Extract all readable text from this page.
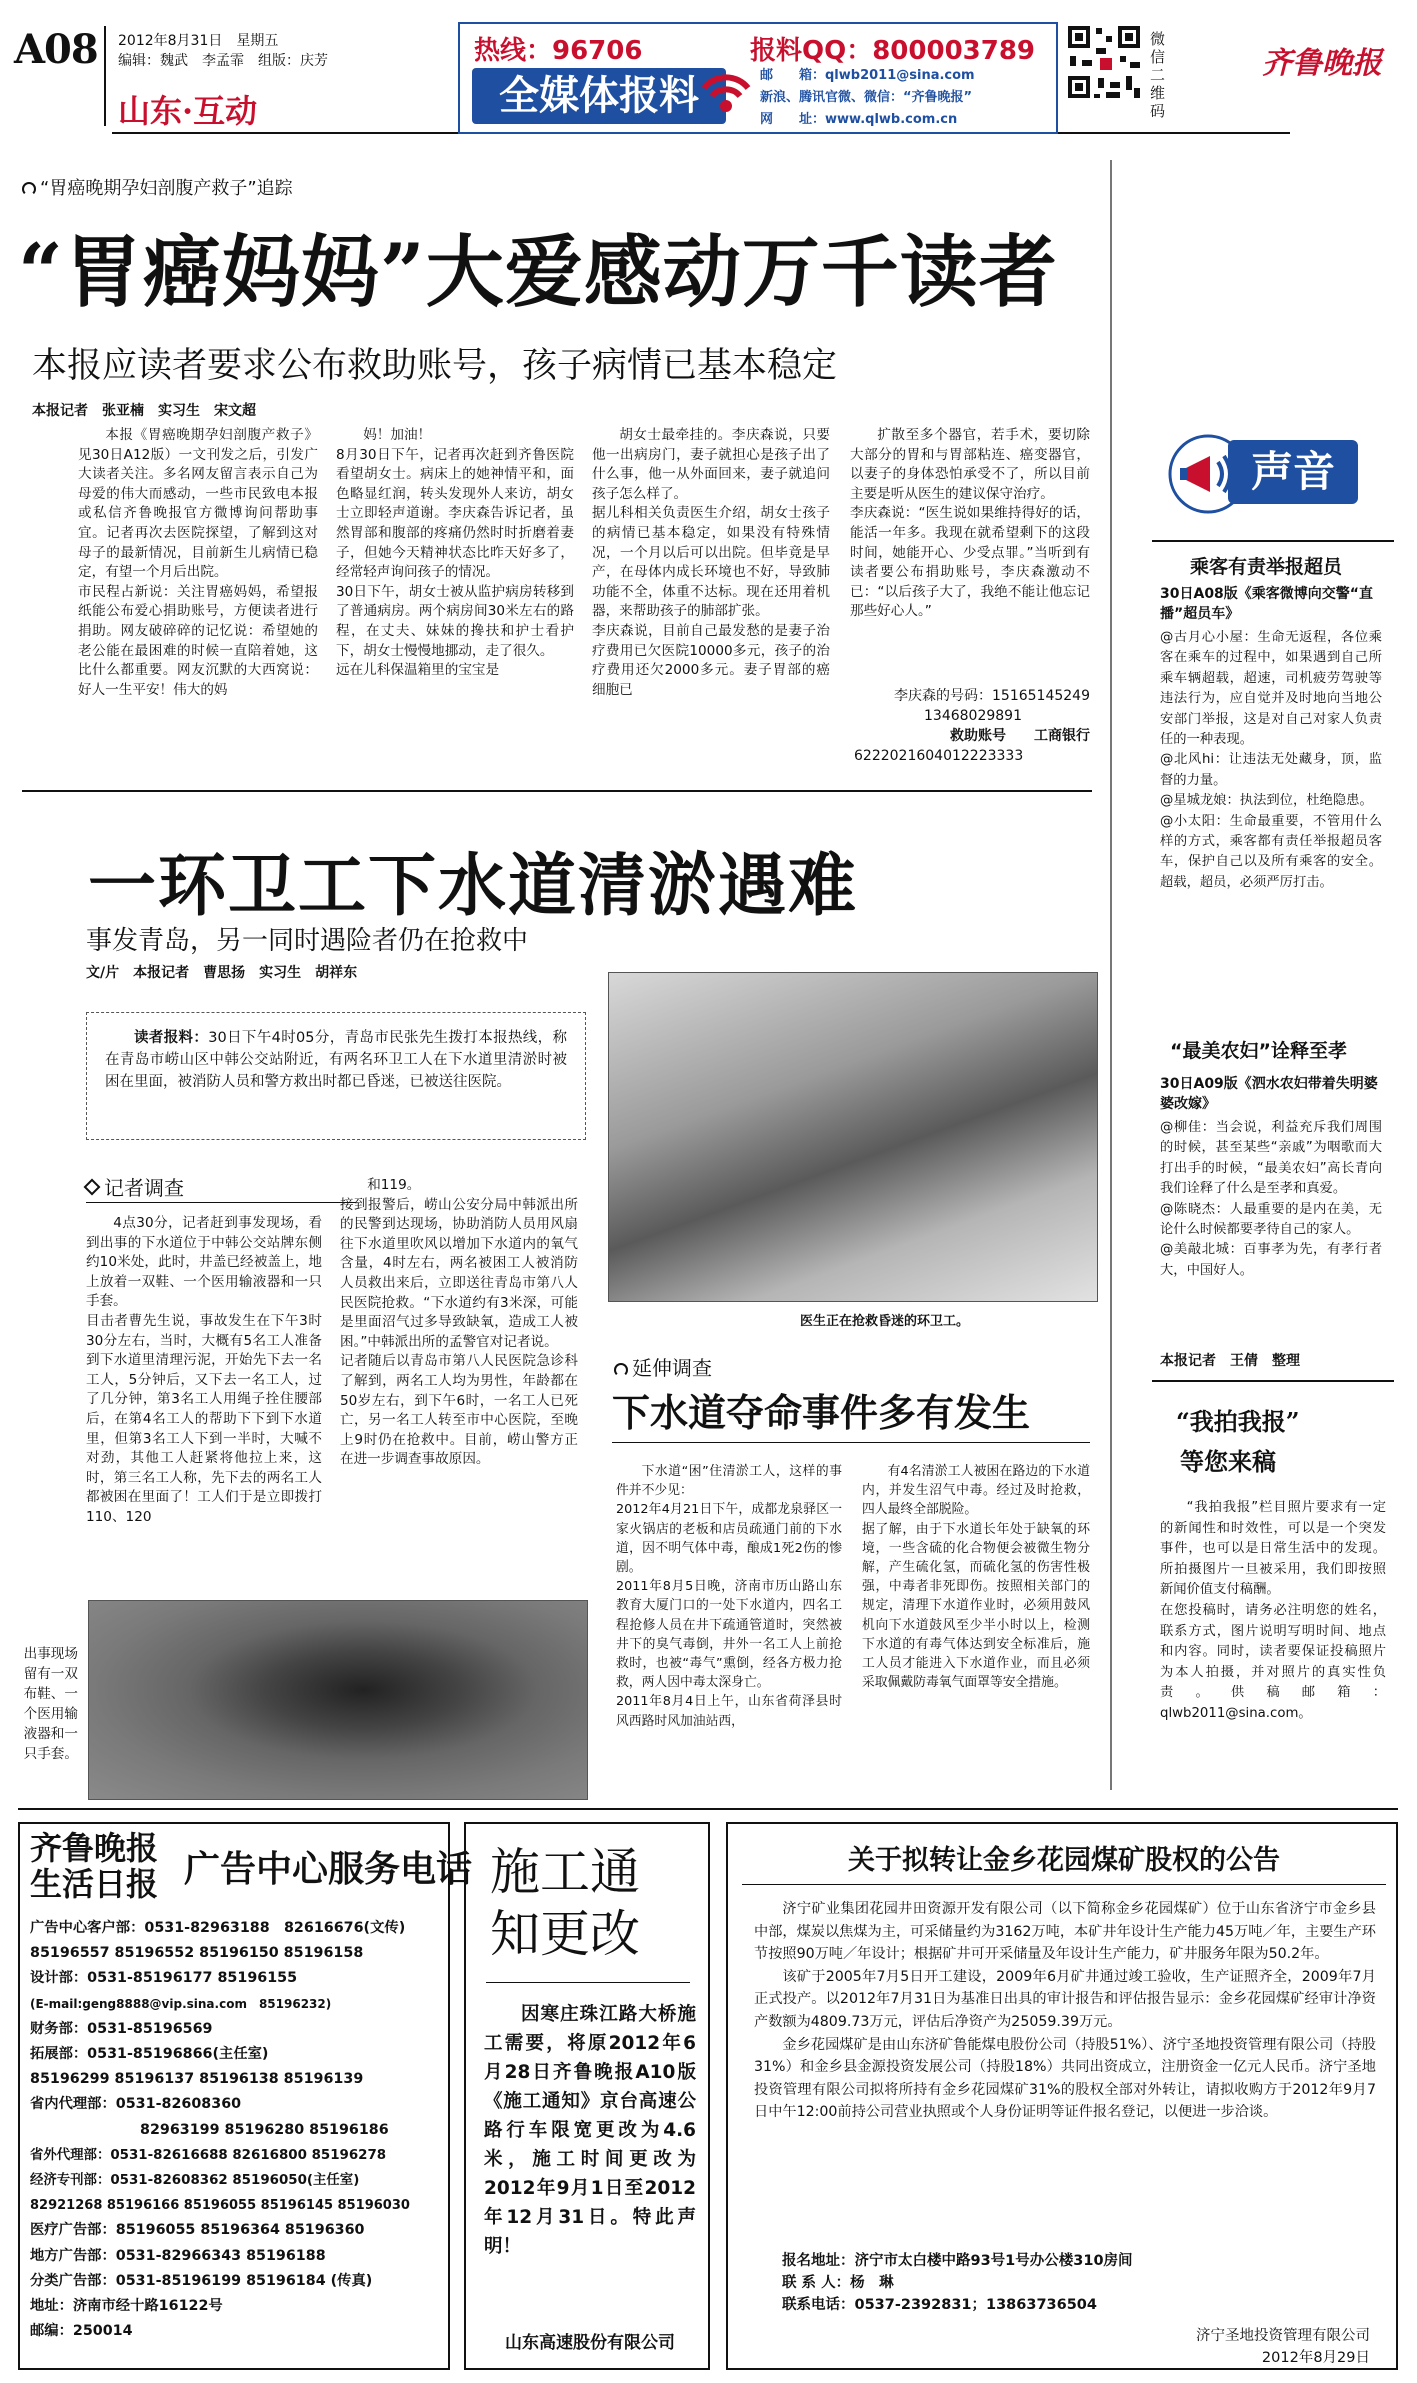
A08 2012年8月31日　星期五
编辑：魏武　李孟霏　组版：庆芳
山东·互动
热线：96706	报料QQ：800003789
全媒体报料	邮　　箱：qlwb2011@sina.com
新浪、腾讯官微、微信：“齐鲁晚报”
网　　址：www.qlwb.com.cn
微信二维码
齐鲁晚报
“胃癌晚期孕妇剖腹产救子”追踪
“胃癌妈妈”大爱感动万千读者
本报应读者要求公布救助账号，孩子病情已基本稳定
本报记者　张亚楠　实习生　宋文超
本报《胃癌晚期孕妇剖腹产救子》见30日A12版）一文刊发之后，引发广大读者关注。多名网友留言表示自己为母爱的伟大而感动，一些市民致电本报或私信齐鲁晚报官方微博询问帮助事宜。记者再次去医院探望，了解到这对母子的最新情况，目前新生儿病情已稳定，有望一个月后出院。
市民程占新说：关注胃癌妈妈，希望报纸能公布爱心捐助账号，方便读者进行捐助。网友破碎碎的记忆说：希望她的老公能在最困难的时候一直陪着她，这比什么都重要。网友沉默的大西窝说：好人一生平安！伟大的妈
妈！加油！
8月30日下午，记者再次赶到齐鲁医院看望胡女士。病床上的她神情平和，面色略显红润，转头发现外人来访，胡女士立即轻声道谢。李庆森告诉记者，虽然胃部和腹部的疼痛仍然时时折磨着妻子，但她今天精神状态比昨天好多了，经常轻声询问孩子的情况。
30日下午，胡女士被从监护病房转移到了普通病房。两个病房间30米左右的路程，在丈夫、妹妹的搀扶和护士看护下，胡女士慢慢地挪动，走了很久。
远在儿科保温箱里的宝宝是
胡女士最牵挂的。李庆森说，只要他一出病房门，妻子就担心是孩子出了什么事，他一从外面回来，妻子就追问孩子怎么样了。
据儿科相关负责医生介绍，胡女士孩子的病情已基本稳定，如果没有特殊情况，一个月以后可以出院。但毕竟是早产，在母体内成长环境也不好，导致肺功能不全，体重不达标。现在还用着机器，来帮助孩子的肺部扩张。
李庆森说，目前自己最发愁的是妻子治疗费用已欠医院10000多元，孩子的治疗费用还欠2000多元。妻子胃部的癌细胞已
扩散至多个器官，若手术，要切除大部分的胃和与胃部粘连、癌变器官，以妻子的身体恐怕承受不了，所以目前主要是听从医生的建议保守治疗。
李庆森说：“医生说如果维持得好的话，能活一年多。我现在就希望剩下的这段时间，她能开心、少受点罪。”当听到有读者要公布捐助账号，李庆森激动不已：“以后孩子大了，我绝不能让他忘记那些好心人。”
李庆森的号码：15165145249
13468029891
救助账号　　工商银行
6222021604012223333
声音
乘客有责举报超员
30日A08版《乘客微博向交警“直播”超员车》
@古月心小屋：生命无返程，各位乘客在乘车的过程中，如果遇到自己所乘车辆超载，超速，司机疲劳驾驶等违法行为，应自觉并及时地向当地公安部门举报，这是对自己对家人负责任的一种表现。
@北风hi：让违法无处藏身，顶，监督的力量。
@星城龙娘：执法到位，杜绝隐患。
@小太阳：生命最重要，不管用什么样的方式，乘客都有责任举报超员客车，保护自己以及所有乘客的安全。超载，超员，必须严厉打击。
“最美农妇”诠释至孝
30日A09版《泗水农妇带着失明婆婆改嫁》
@柳佳：当会说，利益充斥我们周围的时候，甚至某些“亲戚”为咽歌而大打出手的时候，“最美农妇”高长青向我们诠释了什么是至孝和真爱。
@陈晓杰：人最重要的是内在美，无论什么时候都要孝待自己的家人。
@美敲北城：百事孝为先，有孝行者大，中国好人。
本报记者　王倩　整理
一环卫工下水道清淤遇难
事发青岛，另一同时遇险者仍在抢救中
文/片　本报记者　曹思扬　实习生　胡祥东
读者报料：30日下午4时05分，青岛市民张先生拨打本报热线，称在青岛市崂山区中韩公交站附近，有两名环卫工人在下水道里清淤时被困在里面，被消防人员和警方救出时都已昏迷，已被送往医院。
记者调查
4点30分，记者赶到事发现场，看到出事的下水道位于中韩公交站牌东侧约10米处，此时，井盖已经被盖上，地上放着一双鞋、一个医用输液器和一只手套。
目击者曹先生说，事故发生在下午3时30分左右，当时，大概有5名工人准备到下水道里清理污泥，开始先下去一名工人，5分钟后，又下去一名工人，过了几分钟，第3名工人用绳子拴住腰部后，在第4名工人的帮助下下到下水道里，但第3名工人下到一半时，大喊不对劲，其他工人赶紧将他拉上来，这时，第三名工人称，先下去的两名工人都被困在里面了！工人们于是立即拨打110、120
和119。
接到报警后，崂山公安分局中韩派出所的民警到达现场，协助消防人员用风扇往下水道里吹风以增加下水道内的氧气含量，4时左右，两名被困工人被消防人员救出来后，立即送往青岛市第八人民医院抢救。“下水道约有3米深，可能是里面沼气过多导致缺氧，造成工人被困。”中韩派出所的孟警官对记者说。
记者随后以青岛市第八人民医院急诊科了解到，两名工人均为男性，年龄都在50岁左右，到下午6时，一名工人已死亡，另一名工人转至市中心医院，至晚上9时仍在抢救中。目前，崂山警方正在进一步调查事故原因。
医生正在抢救昏迷的环卫工。
出事现场留有一双布鞋、一个医用输液器和一只手套。
延伸调查
下水道夺命事件多有发生
下水道“困”住清淤工人，这样的事件并不少见：
2012年4月21日下午，成都龙泉驿区一家火锅店的老板和店员疏通门前的下水道，因不明气体中毒，酿成1死2伤的惨剧。
2011年8月5日晚，济南市历山路山东教育大厦门口的一处下水道内，四名工程抢修人员在井下疏通管道时，突然被井下的臭气毒倒，井外一名工人上前抢救时，也被“毒气”熏倒，经各方极力抢救，两人因中毒太深身亡。
2011年8月4日上午，山东省荷泽县时风西路时风加油站西，
有4名清淤工人被困在路边的下水道内，并发生沼气中毒。经过及时抢救，四人最终全部脱险。
据了解，由于下水道长年处于缺氧的环境，一些含硫的化合物便会被微生物分解，产生硫化氢，而硫化氢的伤害性极强，中毒者非死即伤。按照相关部门的规定，清理下水道作业时，必须用鼓风机向下水道鼓风至少半小时以上，检测下水道的有毒气体达到安全标准后，施工人员才能进入下水道作业，而且必须采取佩戴防毒氧气面罩等安全措施。
“我拍我报”
等您来稿
“我拍我报”栏目照片要求有一定的新闻性和时效性，可以是一个突发事件，也可以是日常生活中的发现。所拍摄图片一旦被采用，我们即按照新闻价值支付稿酬。
在您投稿时，请务必注明您的姓名，联系方式，图片说明写明时间、地点和内容。同时，读者要保证投稿照片为本人拍摄，并对照片的真实性负责。供稿邮箱：qlwb2011@sina.com。
齐鲁晚报
生活日报 广告中心服务电话
广告中心客户部：0531-82963188　82616676(文传)
85196557 85196552 85196150 85196158
设计部：0531-85196177 85196155
(E-mail:geng8888@vip.sina.com　85196232)
财务部：0531-85196569
拓展部：0531-85196866(主任室)
85196299 85196137 85196138 85196139
省内代理部：0531-82608360
82963199 85196280 85196186
省外代理部：0531-82616688 82616800 85196278
经济专刊部：0531-82608362 85196050(主任室)
82921268 85196166 85196055 85196145 85196030
医疗广告部：85196055 85196364 85196360
地方广告部：0531-82966343 85196188
分类广告部：0531-85196199 85196184 (传真)
地址：济南市经十路16122号
邮编：250014
施工通
知更改
因寒庄珠江路大桥施工需要，将原2012年6月28日齐鲁晚报A10版《施工通知》京台高速公路行车限宽更改为4.6米，施工时间更改为2012年9月1日至2012年12月31日。特此声明！
山东高速股份有限公司
关于拟转让金乡花园煤矿股权的公告

济宁矿业集团花园井田资源开发有限公司（以下简称金乡花园煤矿）位于山东省济宁市金乡县中部，煤炭以焦煤为主，可采储量约为3162万吨，本矿井年设计生产能力45万吨／年，主要生产环节按照90万吨／年设计；根据矿井可开采储量及年设计生产能力，矿井服务年限为50.2年。

该矿于2005年7月5日开工建设，2009年6月矿井通过竣工验收，生产证照齐全，2009年7月正式投产。以2012年7月31日为基准日出具的审计报告和评估报告显示：金乡花园煤矿经审计净资产数额为4809.73万元，评估后净资产为25059.39万元。

金乡花园煤矿是由山东济矿鲁能煤电股份公司（持股51%）、济宁圣地投资管理有限公司（持股31%）和金乡县金源投资发展公司（持股18%）共同出资成立，注册资金一亿元人民币。济宁圣地投资管理有限公司拟将所持有金乡花园煤矿31%的股权全部对外转让，请拟收购方于2012年9月7日中午12:00前持公司营业执照或个人身份证明等证件报名登记，以便进一步洽谈。

报名地址：济宁市太白楼中路93号1号办公楼310房间
联 系 人：杨　琳
联系电话：0537-2392831；13863736504
济宁圣地投资管理有限公司
2012年8月29日
